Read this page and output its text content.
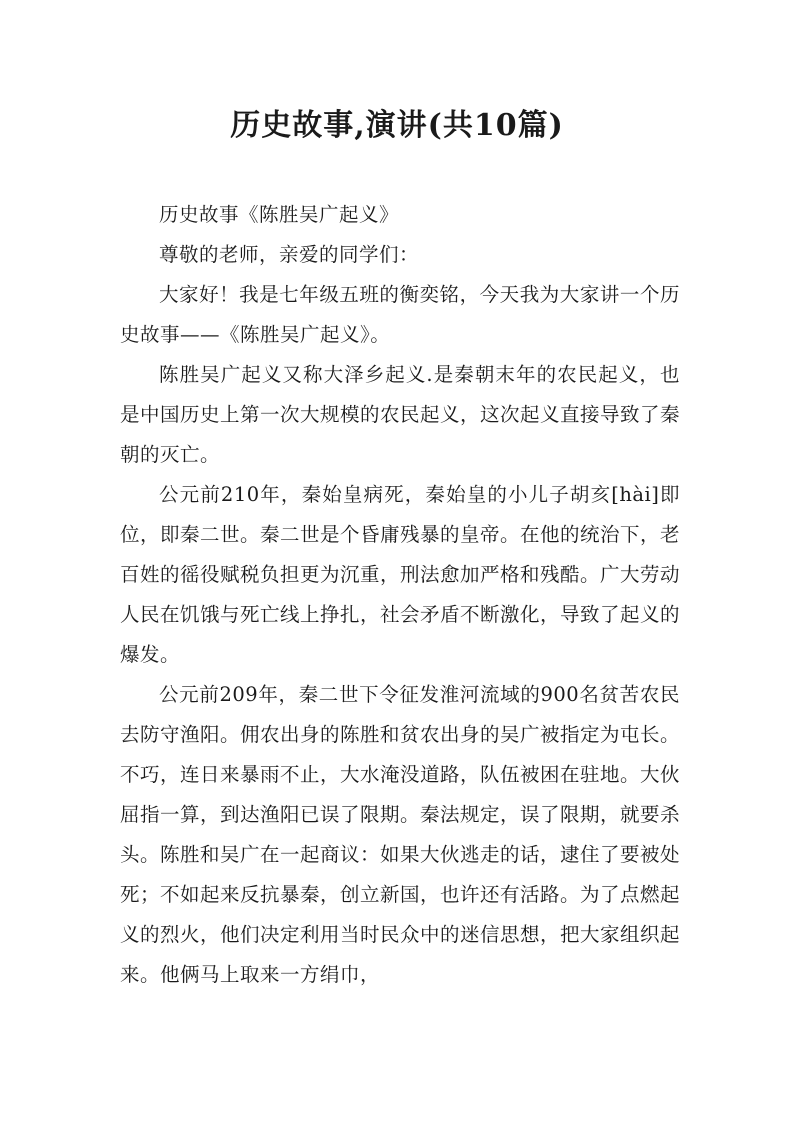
历史故事,演讲(共10篇)

历史故事《陈胜吴广起义》

尊敬的老师，亲爱的同学们：

大家好！我是七年级五班的衡奕铭，今天我为大家讲一个历史故事——《陈胜吴广起义》。

陈胜吴广起义又称大泽乡起义.是秦朝末年的农民起义，也是中国历史上第一次大规模的农民起义，这次起义直接导致了秦朝的灭亡。

公元前210年，秦始皇病死，秦始皇的小儿子胡亥[hài]即位，即秦二世。秦二世是个昏庸残暴的皇帝。在他的统治下，老百姓的徭役赋税负担更为沉重，刑法愈加严格和残酷。广大劳动人民在饥饿与死亡线上挣扎，社会矛盾不断激化，导致了起义的爆发。

公元前209年，秦二世下令征发淮河流域的900名贫苦农民去防守渔阳。佣农出身的陈胜和贫农出身的吴广被指定为屯长。不巧，连日来暴雨不止，大水淹没道路，队伍被困在驻地。大伙屈指一算，到达渔阳已误了限期。秦法规定，误了限期，就要杀头。陈胜和吴广在一起商议：如果大伙逃走的话，逮住了要被处死；不如起来反抗暴秦，创立新国，也许还有活路。为了点燃起义的烈火，他们决定利用当时民众中的迷信思想，把大家组织起来。他俩马上取来一方绢巾，
